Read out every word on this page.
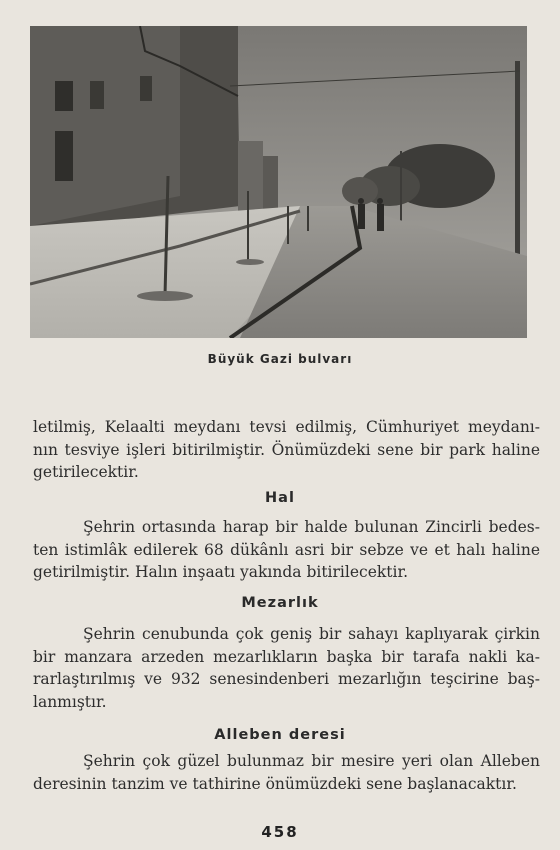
Büyük Gazi bulvarı
letilmiş, Kelaalti meydanı tevsi edilmiş, Cümhuriyet meydanı-
nın tesviye işleri bitirilmiştir. Önümüzdeki sene bir park haline
getirilecektir.
Hal
Şehrin ortasında harap bir halde bulunan Zincirli bedes-
ten istimlâk edilerek 68 dükânlı asri bir sebze ve et halı haline
getirilmiştir. Halın inşaatı yakında bitirilecektir.
Mezarlık
Şehrin cenubunda çok geniş bir sahayı kaplıyarak çirkin
bir manzara arzeden mezarlıkların başka bir tarafa nakli ka-
rarlaştırılmış ve 932 senesindenberi mezarlığın teşcirine baş-
lanmıştır.
Alleben deresi
Şehrin çok güzel bulunmaz bir mesire yeri olan Alleben
deresinin tanzim ve tathirine önümüzdeki sene başlanacaktır.
458
